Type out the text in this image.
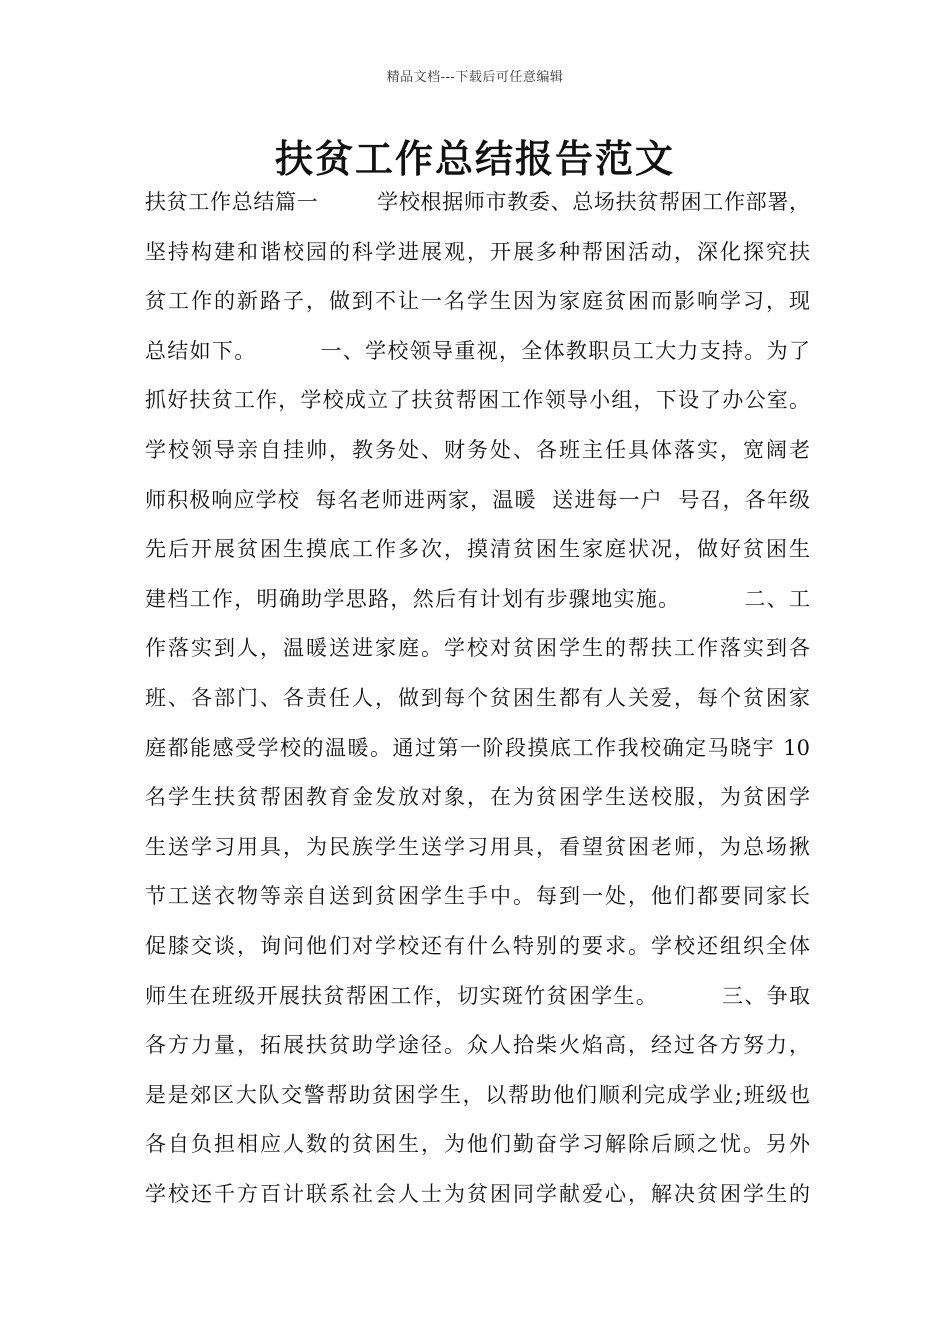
精品文档---下载后可任意编辑
扶贫工作总结报告范文
扶贫工作总结篇一        学校根据师市教委、总场扶贫帮困工作部署，
坚持构建和谐校园的科学进展观，开展多种帮困活动，深化探究扶
贫工作的新路子，做到不让一名学生因为家庭贫困而影响学习，现
总结如下。        一、学校领导重视，全体教职员工大力支持。为了
抓好扶贫工作，学校成立了扶贫帮困工作领导小组，下设了办公室。
学校领导亲自挂帅，教务处、财务处、各班主任具体落实，宽阔老
师积极响应学校  每名老师进两家，温暖  送进每一户  号召，各年级
先后开展贫困生摸底工作多次，摸清贫困生家庭状况，做好贫困生
建档工作，明确助学思路，然后有计划有步骤地实施。        二、工
作落实到人，温暖送进家庭。学校对贫困学生的帮扶工作落实到各
班、各部门、各责任人，做到每个贫困生都有人关爱，每个贫困家
庭都能感受学校的温暖。通过第一阶段摸底工作我校确定马晓宇 10
名学生扶贫帮困教育金发放对象，在为贫困学生送校服，为贫困学
生送学习用具，为民族学生送学习用具，看望贫困老师，为总场揪
节工送衣物等亲自送到贫困学生手中。每到一处，他们都要同家长
促膝交谈，询问他们对学校还有什么特别的要求。学校还组织全体
师生在班级开展扶贫帮困工作，切实斑竹贫困学生。        三、争取
各方力量，拓展扶贫助学途径。众人拾柴火焰高，经过各方努力，
是是郊区大队交警帮助贫困学生，以帮助他们顺利完成学业;班级也
各自负担相应人数的贫困生，为他们勤奋学习解除后顾之忧。另外
学校还千方百计联系社会人士为贫困同学献爱心，解决贫困学生的
